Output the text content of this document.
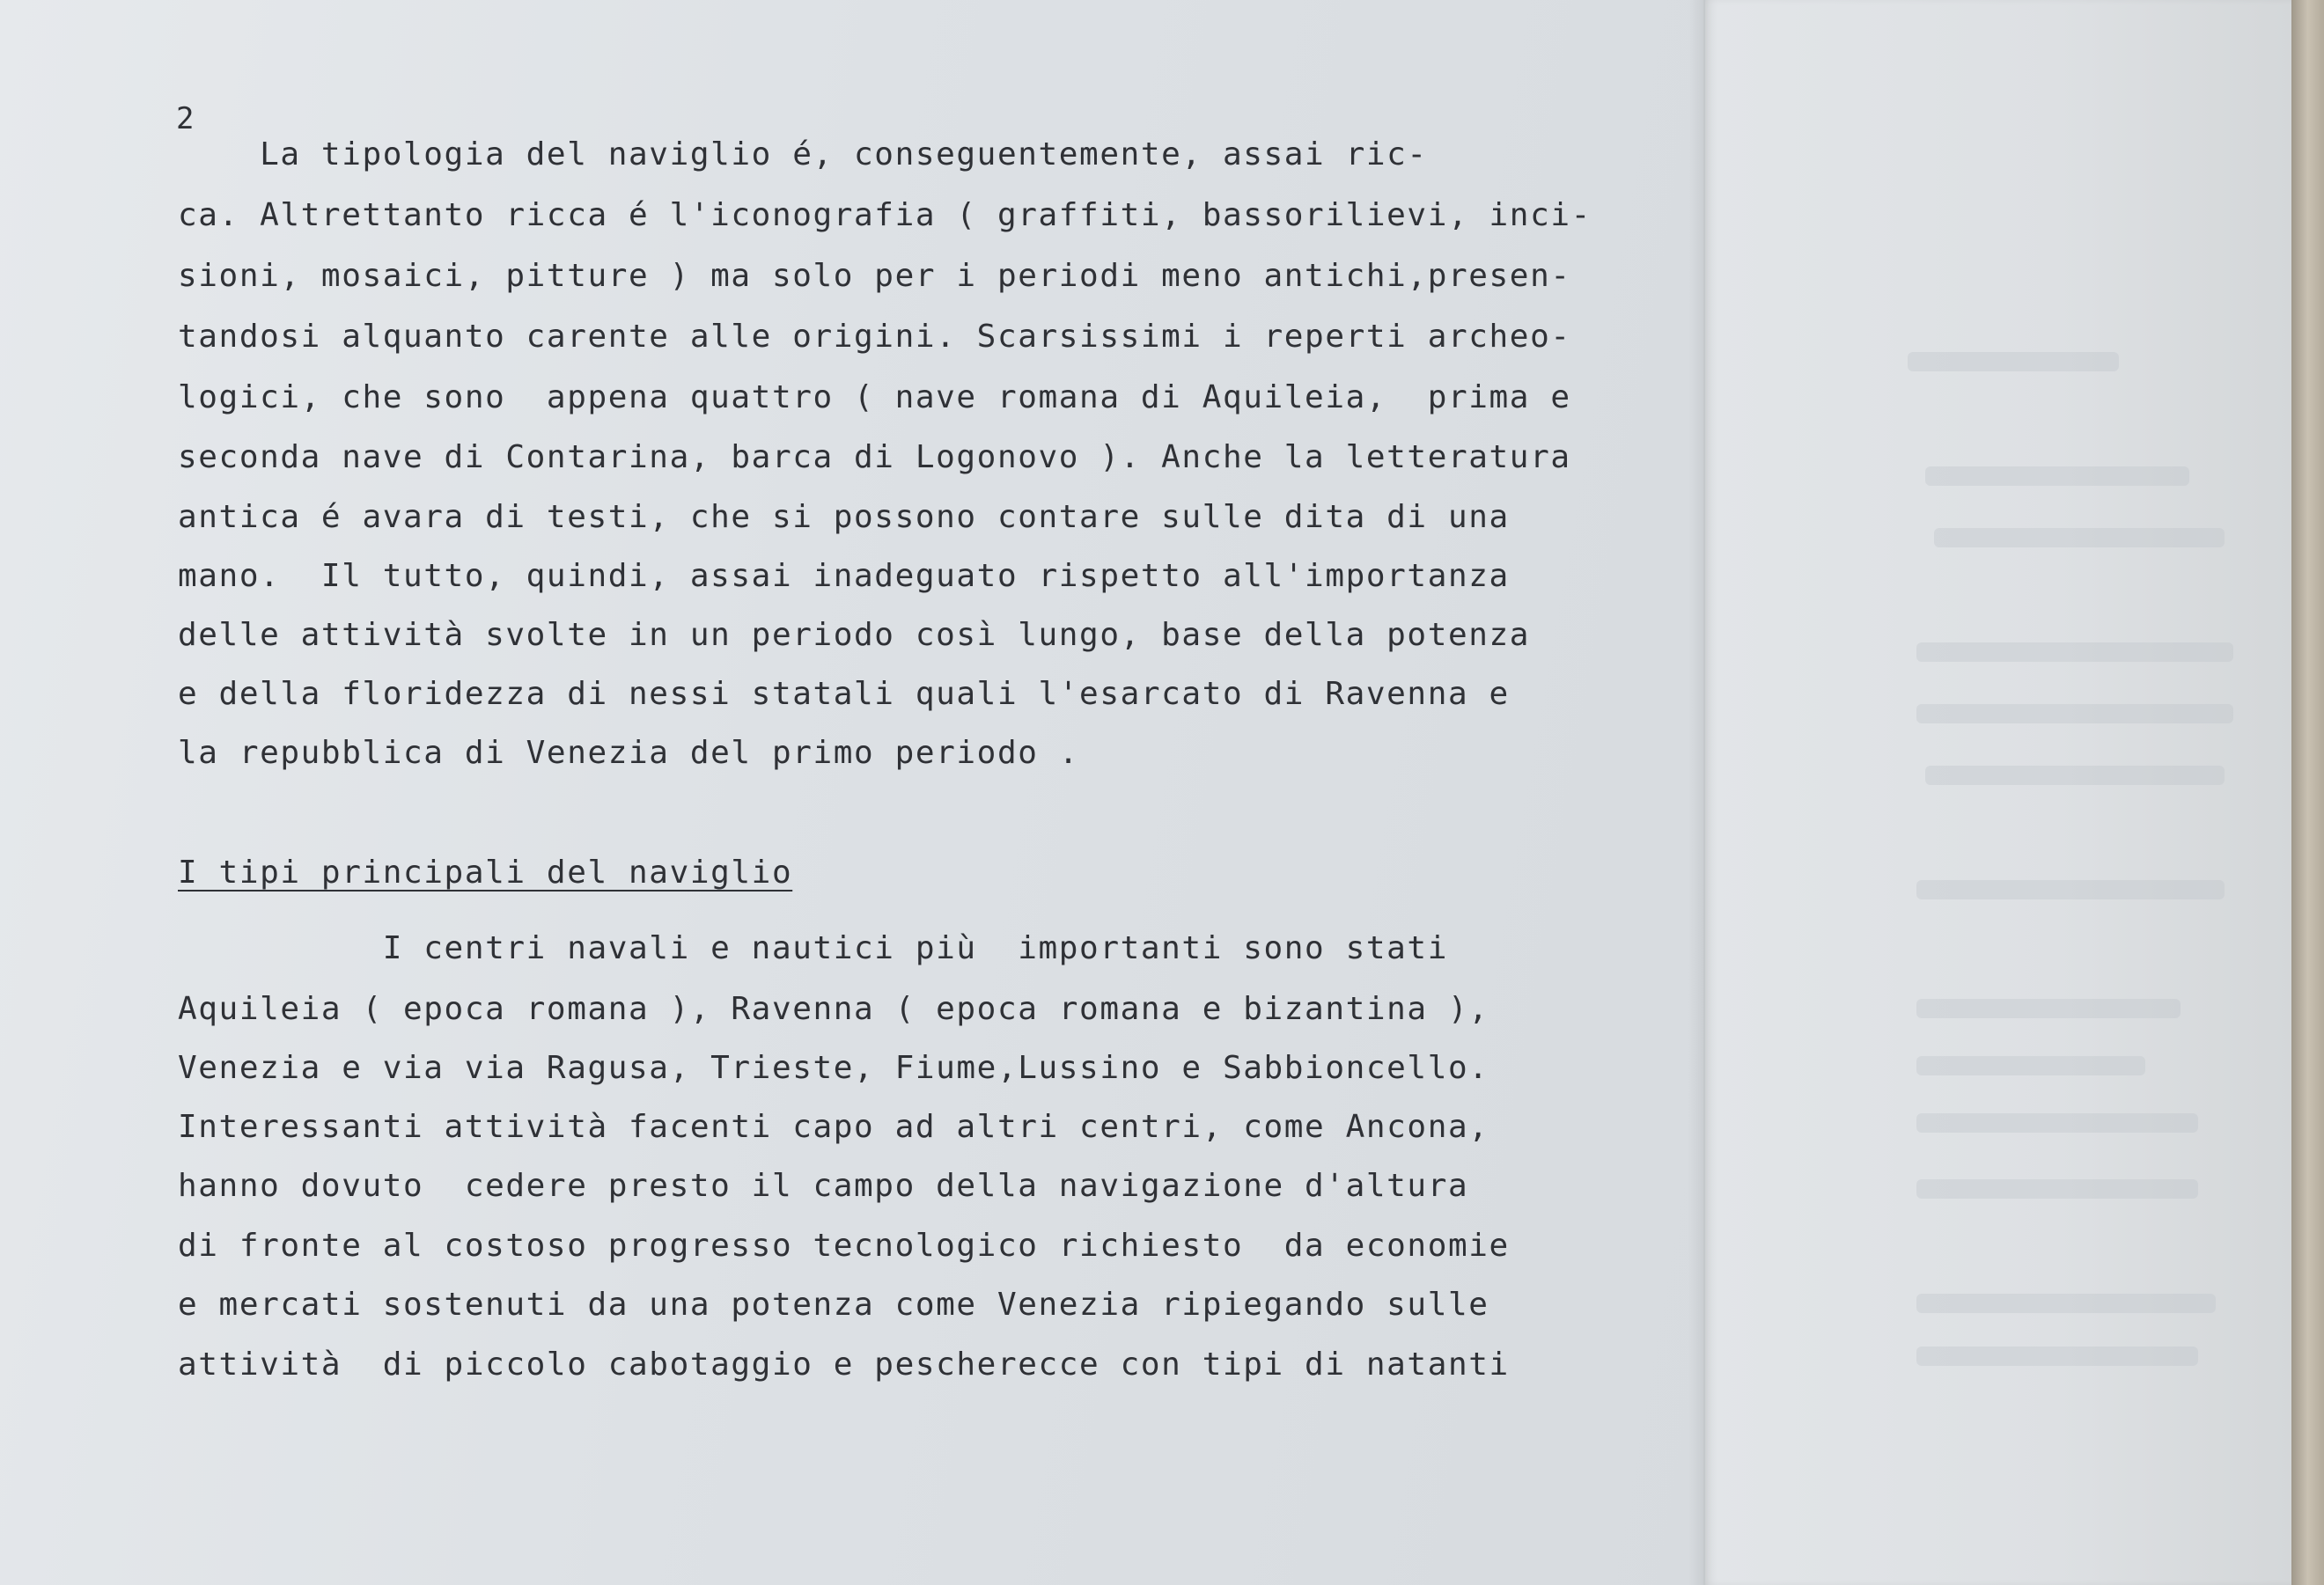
2
La tipologia del naviglio é, conseguentemente, assai ric-
ca. Altrettanto ricca é l'iconografia ( graffiti, bassorilievi, inci-
sioni, mosaici, pitture ) ma solo per i periodi meno antichi,presen-
tandosi alquanto carente alle origini. Scarsissimi i reperti archeo-
logici, che sono  appena quattro ( nave romana di Aquileia,  prima e
seconda nave di Contarina, barca di Logonovo ). Anche la letteratura
antica é avara di testi, che si possono contare sulle dita di una
mano.  Il tutto, quindi, assai inadeguato rispetto all'importanza
delle attività svolte in un periodo così lungo, base della potenza
e della floridezza di nessi statali quali l'esarcato di Ravenna e
la repubblica di Venezia del primo periodo .
I tipi principali del naviglio
I centri navali e nautici più  importanti sono stati
Aquileia ( epoca romana ), Ravenna ( epoca romana e bizantina ),
Venezia e via via Ragusa, Trieste, Fiume,Lussino e Sabbioncello.
Interessanti attività facenti capo ad altri centri, come Ancona,
hanno dovuto  cedere presto il campo della navigazione d'altura
di fronte al costoso progresso tecnologico richiesto  da economie
e mercati sostenuti da una potenza come Venezia ripiegando sulle
attività  di piccolo cabotaggio e pescherecce con tipi di natanti
